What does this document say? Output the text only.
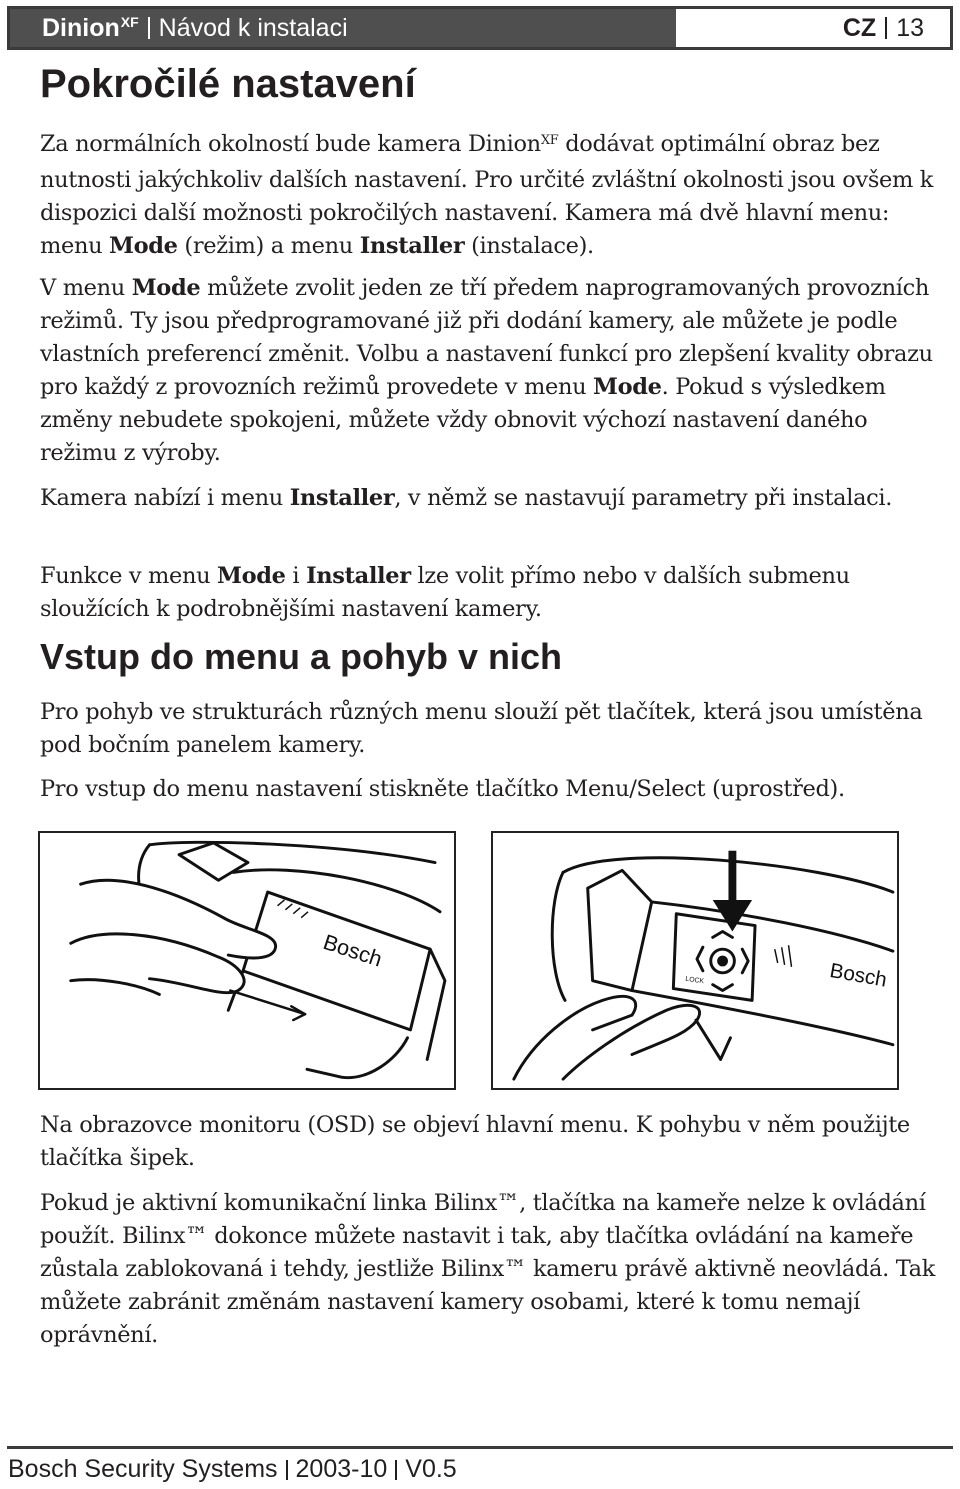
Dinion$^{XF}$ Návod k instalaci	CZ 13
Pokročilé nastavení

Za normálních okolností bude kamera Dinion$^{XF}$ dodávat optimální obraz bez nutnosti jakýchkoliv dalších nastavení. Pro určité zvláštní okolnosti jsou ovšem k dispozici další možnosti pokročilých nastavení. Kamera má dvě hlavní menu: menu Mode (režim) a menu Installer (instalace).

V menu Mode můžete zvolit jeden ze tří předem naprogramovaných provozních režimů. Ty jsou předprogramované již při dodání kamery, ale můžete je podle vlastních preferencí změnit. Volbu a nastavení funkcí pro zlepšení kvality obrazu pro každý z provozních režimů provedete v menu Mode. Pokud s výsledkem změny nebudete spokojeni, můžete vždy obnovit výchozí nastavení daného režimu z výroby.

Kamera nabízí i menu Installer, v němž se nastavují parametry při instalaci.

Funkce v menu Mode i Installer lze volit přímo nebo v dalších submenu sloužících k podrobnějšími nastavení kamery.

Vstup do menu a pohyb v nich

Pro pohyb ve strukturách různých menu slouží pět tlačítek, která jsou umístěna pod bočním panelem kamery.

Pro vstup do menu nastavení stiskněte tlačítko Menu/Select (uprostřed).

Bosch
LOCK	Bosch

Na obrazovce monitoru (OSD) se objeví hlavní menu. K pohybu v něm použijte tlačítka šipek.

Pokud je aktivní komunikační linka Bilinx™, tlačítka na kameře nelze k ovládání použít. Bilinx™ dokonce můžete nastavit i tak, aby tlačítka ovládání na kameře zůstala zablokovaná i tehdy, jestliže Bilinx™ kameru právě aktivně neovládá. Tak můžete zabránit změnám nastavení kamery osobami, které k tomu nemají oprávnění.

Bosch Security Systems 2003-10 V0.5
